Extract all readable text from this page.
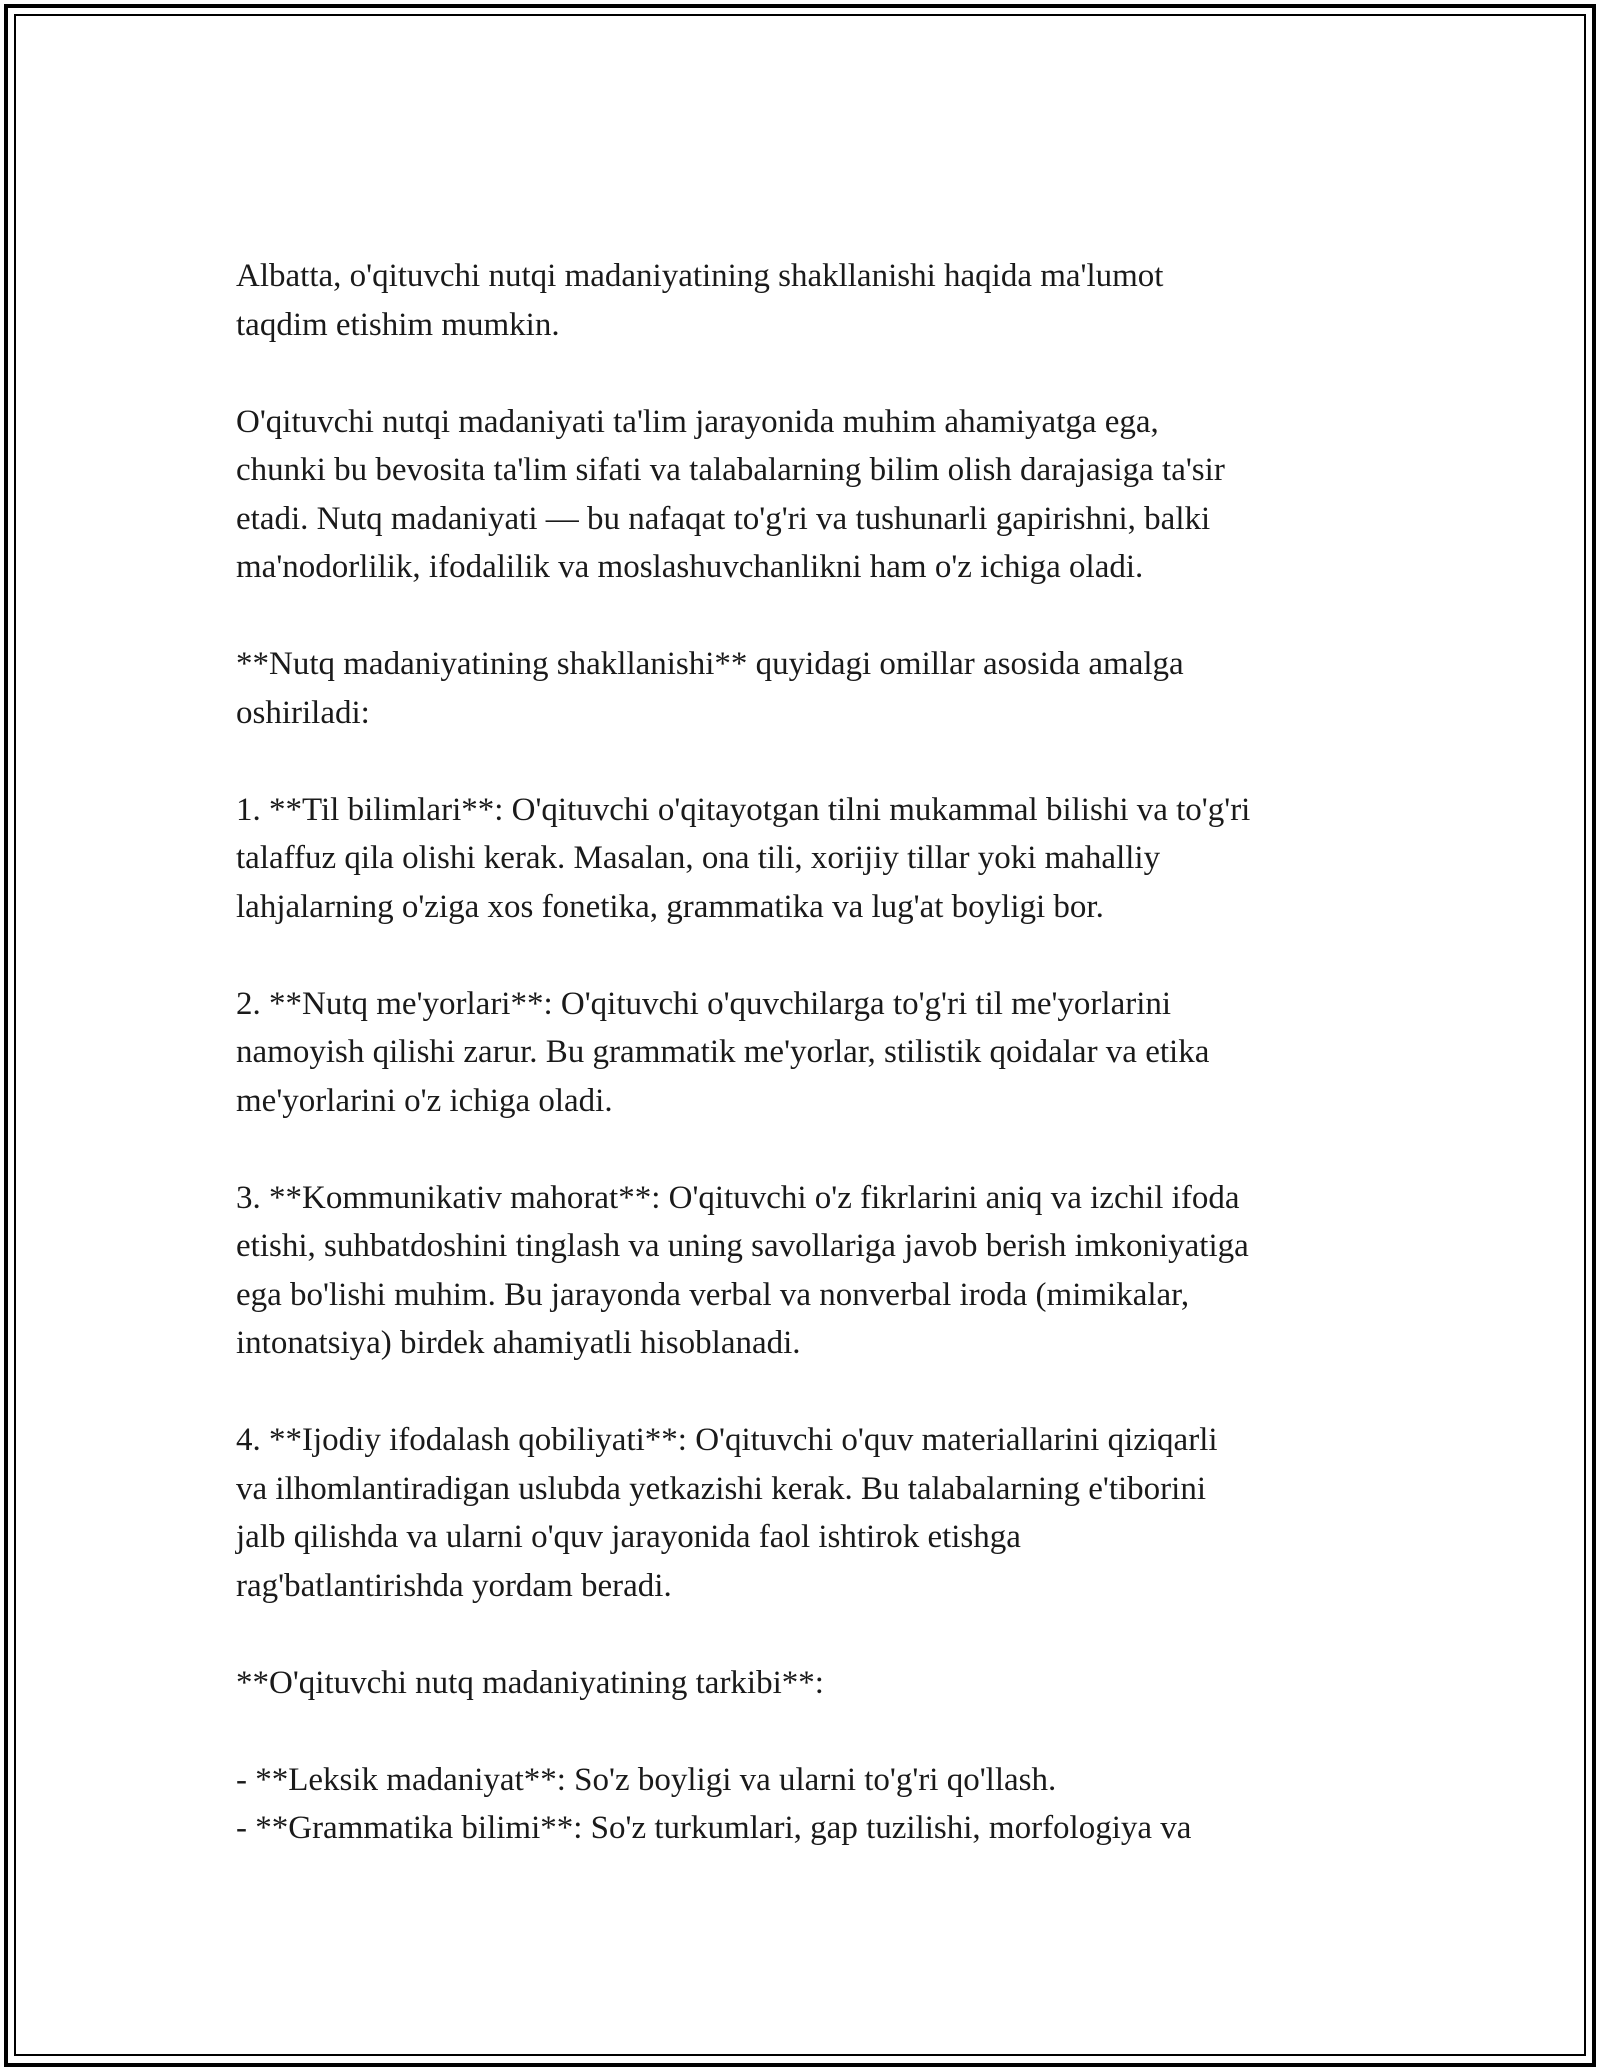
Albatta, o'qituvchi nutqi madaniyatining shakllanishi haqida ma'lumot
taqdim etishim mumkin.

O'qituvchi nutqi madaniyati ta'lim jarayonida muhim ahamiyatga ega,
chunki bu bevosita ta'lim sifati va talabalarning bilim olish darajasiga ta'sir
etadi. Nutq madaniyati — bu nafaqat to'g'ri va tushunarli gapirishni, balki
ma'nodorlilik, ifodalilik va moslashuvchanlikni ham o'z ichiga oladi.

**Nutq madaniyatining shakllanishi** quyidagi omillar asosida amalga
oshiriladi:

1. **Til bilimlari**: O'qituvchi o'qitayotgan tilni mukammal bilishi va to'g'ri
talaffuz qila olishi kerak. Masalan, ona tili, xorijiy tillar yoki mahalliy
lahjalarning o'ziga xos fonetika, grammatika va lug'at boyligi bor.

2. **Nutq me'yorlari**: O'qituvchi o'quvchilarga to'g'ri til me'yorlarini
namoyish qilishi zarur. Bu grammatik me'yorlar, stilistik qoidalar va etika
me'yorlarini o'z ichiga oladi.

3. **Kommunikativ mahorat**: O'qituvchi o'z fikrlarini aniq va izchil ifoda
etishi, suhbatdoshini tinglash va uning savollariga javob berish imkoniyatiga
ega bo'lishi muhim. Bu jarayonda verbal va nonverbal iroda (mimikalar,
intonatsiya) birdek ahamiyatli hisoblanadi.

4. **Ijodiy ifodalash qobiliyati**: O'qituvchi o'quv materiallarini qiziqarli
va ilhomlantiradigan uslubda yetkazishi kerak. Bu talabalarning e'tiborini
jalb qilishda va ularni o'quv jarayonida faol ishtirok etishga
rag'batlantirishda yordam beradi.

**O'qituvchi nutq madaniyatining tarkibi**:

- **Leksik madaniyat**: So'z boyligi va ularni to'g'ri qo'llash.

- **Grammatika bilimi**: So'z turkumlari, gap tuzilishi, morfologiya va
